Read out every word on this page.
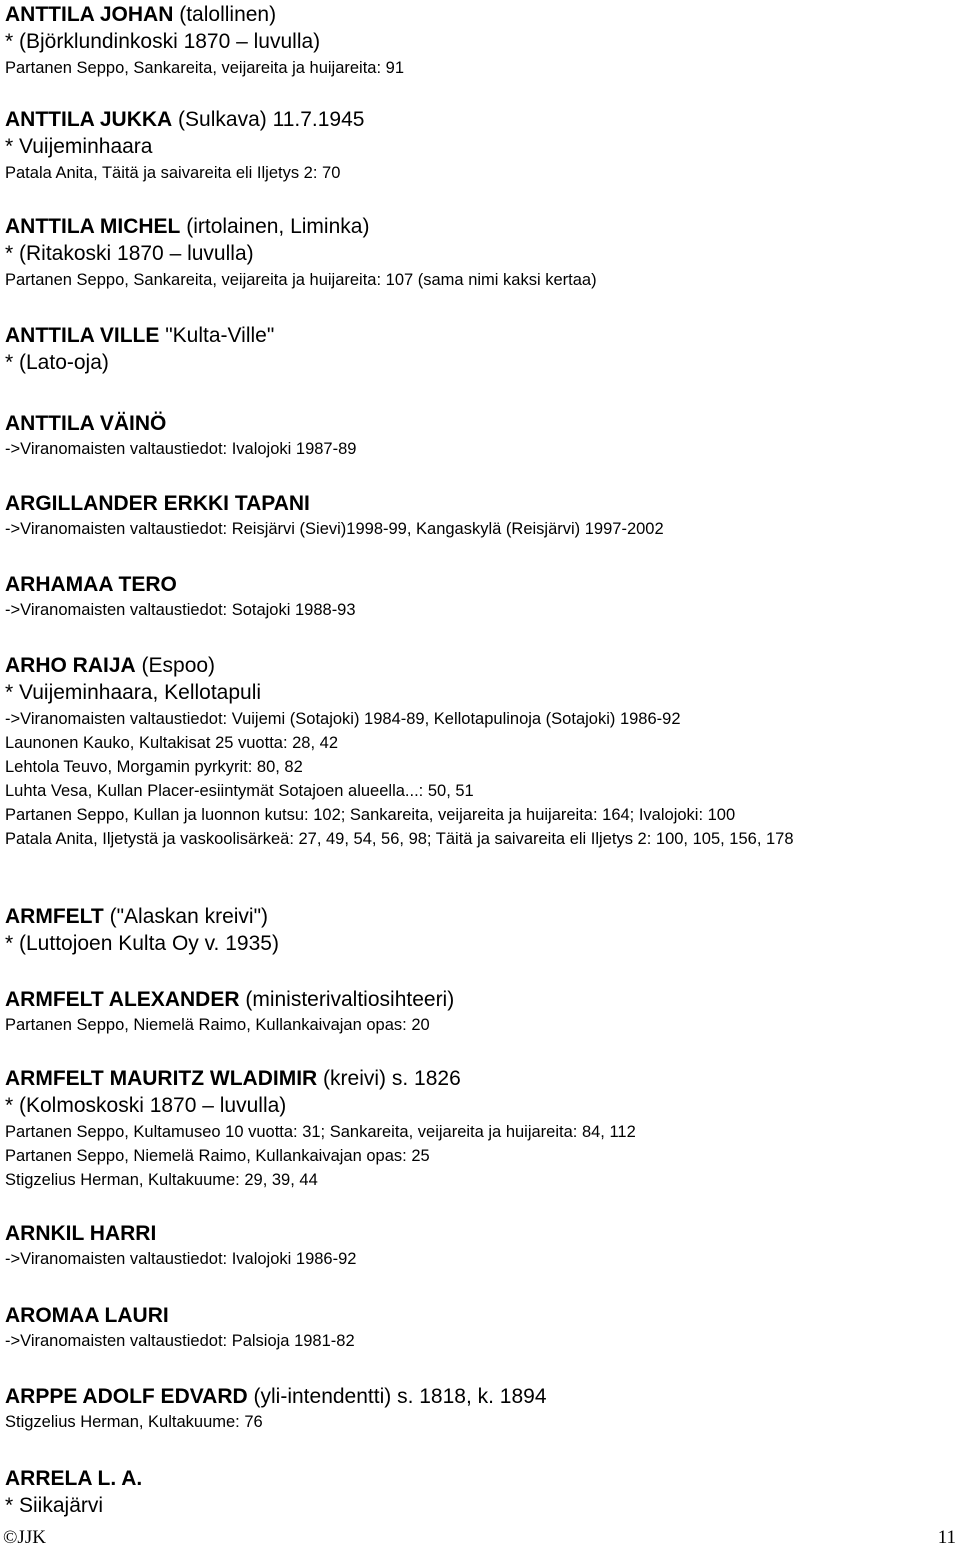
ANTTILA JOHAN (talollinen)
* (Björklundinkoski 1870 – luvulla)
Partanen Seppo, Sankareita, veijareita ja huijareita: 91
ANTTILA JUKKA (Sulkava) 11.7.1945
* Vuijeminhaara
Patala Anita, Täitä ja saivareita eli Iljetys 2: 70
ANTTILA MICHEL (irtolainen, Liminka)
* (Ritakoski 1870 – luvulla)
Partanen Seppo, Sankareita, veijareita ja huijareita: 107 (sama nimi kaksi kertaa)
ANTTILA VILLE "Kulta-Ville"
* (Lato-oja)
ANTTILA VÄINÖ
->Viranomaisten valtaustiedot: Ivalojoki 1987-89
ARGILLANDER ERKKI TAPANI
->Viranomaisten valtaustiedot: Reisjärvi (Sievi)1998-99, Kangaskylä (Reisjärvi) 1997-2002
ARHAMAA TERO
->Viranomaisten valtaustiedot: Sotajoki 1988-93
ARHO RAIJA (Espoo)
* Vuijeminhaara, Kellotapuli
->Viranomaisten valtaustiedot: Vuijemi (Sotajoki) 1984-89, Kellotapulinoja (Sotajoki) 1986-92
Launonen Kauko, Kultakisat 25 vuotta: 28, 42
Lehtola Teuvo, Morgamin pyrkyrit: 80, 82
Luhta Vesa, Kullan Placer-esiintymät Sotajoen alueella...: 50, 51
Partanen Seppo, Kullan ja luonnon kutsu: 102; Sankareita, veijareita ja huijareita: 164; Ivalojoki: 100
Patala Anita, Iljetystä ja vaskoolisärkeä: 27, 49, 54, 56, 98; Täitä ja saivareita eli Iljetys 2: 100, 105, 156, 178
ARMFELT ("Alaskan kreivi")
* (Luttojoen Kulta Oy v. 1935)
ARMFELT ALEXANDER (ministerivaltiosihteeri)
Partanen Seppo, Niemelä Raimo, Kullankaivajan opas: 20
ARMFELT MAURITZ WLADIMIR (kreivi) s. 1826
* (Kolmoskoski 1870 – luvulla)
Partanen Seppo, Kultamuseo 10 vuotta: 31; Sankareita, veijareita ja huijareita: 84, 112
Partanen Seppo, Niemelä Raimo, Kullankaivajan opas: 25
Stigzelius Herman, Kultakuume: 29, 39, 44
ARNKIL HARRI
->Viranomaisten valtaustiedot: Ivalojoki 1986-92
AROMAA LAURI
->Viranomaisten valtaustiedot: Palsioja 1981-82
ARPPE ADOLF EDVARD (yli-intendentti) s. 1818, k. 1894
Stigzelius Herman, Kultakuume: 76
ARRELA L. A.
* Siikajärvi
©JJK	11
